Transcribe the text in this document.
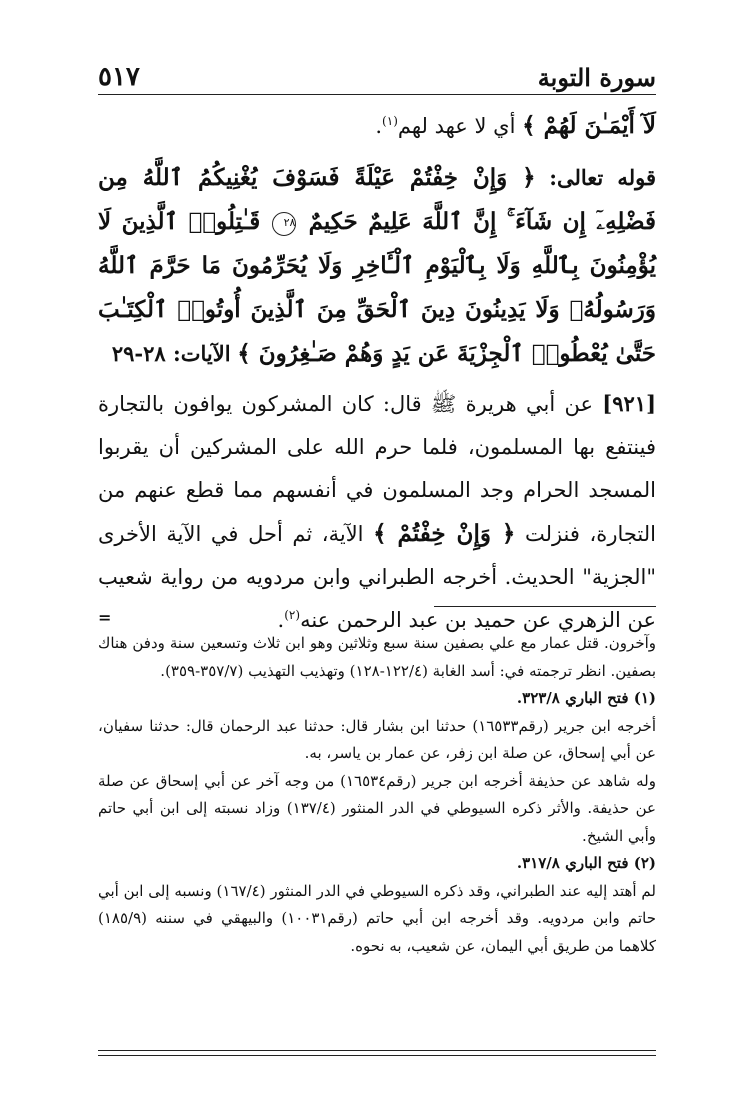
سورة التوبة
٥١٧

لَآ أَيْمَـٰنَ لَهُمْ ﴾ أي لا عهد لهم$^{(١)}$.

قوله تعالى: ﴿ وَإِنْ خِفْتُمْ عَيْلَةً فَسَوْفَ يُغْنِيكُمُ ٱللَّهُ مِن فَضْلِهِۦٓ إِن شَآءَ ۚ إِنَّ ٱللَّهَ عَلِيمٌ حَكِيمٌ ٢٨ قَـٰتِلُوا۟ ٱلَّذِينَ لَا يُؤْمِنُونَ بِٱللَّهِ وَلَا بِٱلْيَوْمِ ٱلْـَٔاخِرِ وَلَا يُحَرِّمُونَ مَا حَرَّمَ ٱللَّهُ وَرَسُولُهُۥ وَلَا يَدِينُونَ دِينَ ٱلْحَقِّ مِنَ ٱلَّذِينَ أُوتُوا۟ ٱلْكِتَـٰبَ حَتَّىٰ يُعْطُوا۟ ٱلْجِزْيَةَ عَن يَدٍ وَهُمْ صَـٰغِرُونَ ﴾ الآيات: ٢٨-٢٩

[٩٢١] عن أبي هريرة ﷺ قال: كان المشركون يوافون بالتجارة فينتفع بها المسلمون، فلما حرم الله على المشركين أن يقربوا المسجد الحرام وجد المسلمون في أنفسهم مما قطع عنهم من التجارة، فنزلت ﴿ وَإِنْ خِفْتُمْ ﴾ الآية، ثم أحل في الآية الأخرى "الجزية" الحديث. أخرجه الطبراني وابن مردويه من رواية شعيب عن الزهري عن حميد بن عبد الرحمن عنه$^{(٢)}$.

=

وآخرون. قتل عمار مع علي بصفين سنة سبع وثلاثين وهو ابن ثلاث وتسعين سنة ودفن هناك بصفين. انظر ترجمته في: أسد الغابة (١٢٢/٤-١٢٨) وتهذيب التهذيب (٣٥٧/٧-٣٥٩).

(١) فتح الباري ٣٢٣/٨.

أخرجه ابن جرير (رقم١٦٥٣٣) حدثنا ابن بشار قال: حدثنا عبد الرحمان قال: حدثنا سفيان، عن أبي إسحاق، عن صلة ابن زفر، عن عمار بن ياسر، به.

وله شاهد عن حذيفة أخرجه ابن جرير (رقم١٦٥٣٤) من وجه آخر عن أبي إسحاق عن صلة عن حذيفة. والأثر ذكره السيوطي في الدر المنثور (١٣٧/٤) وزاد نسبته إلى ابن أبي حاتم وأبي الشيخ.

(٢) فتح الباري ٣١٧/٨.

لم أهتد إليه عند الطبراني، وقد ذكره السيوطي في الدر المنثور (١٦٧/٤) ونسبه إلى ابن أبي حاتم وابن مردويه. وقد أخرجه ابن أبي حاتم (رقم١٠٠٣١) والبيهقي في سننه (١٨٥/٩) كلاهما من طريق أبي اليمان، عن شعيب، به نحوه.
